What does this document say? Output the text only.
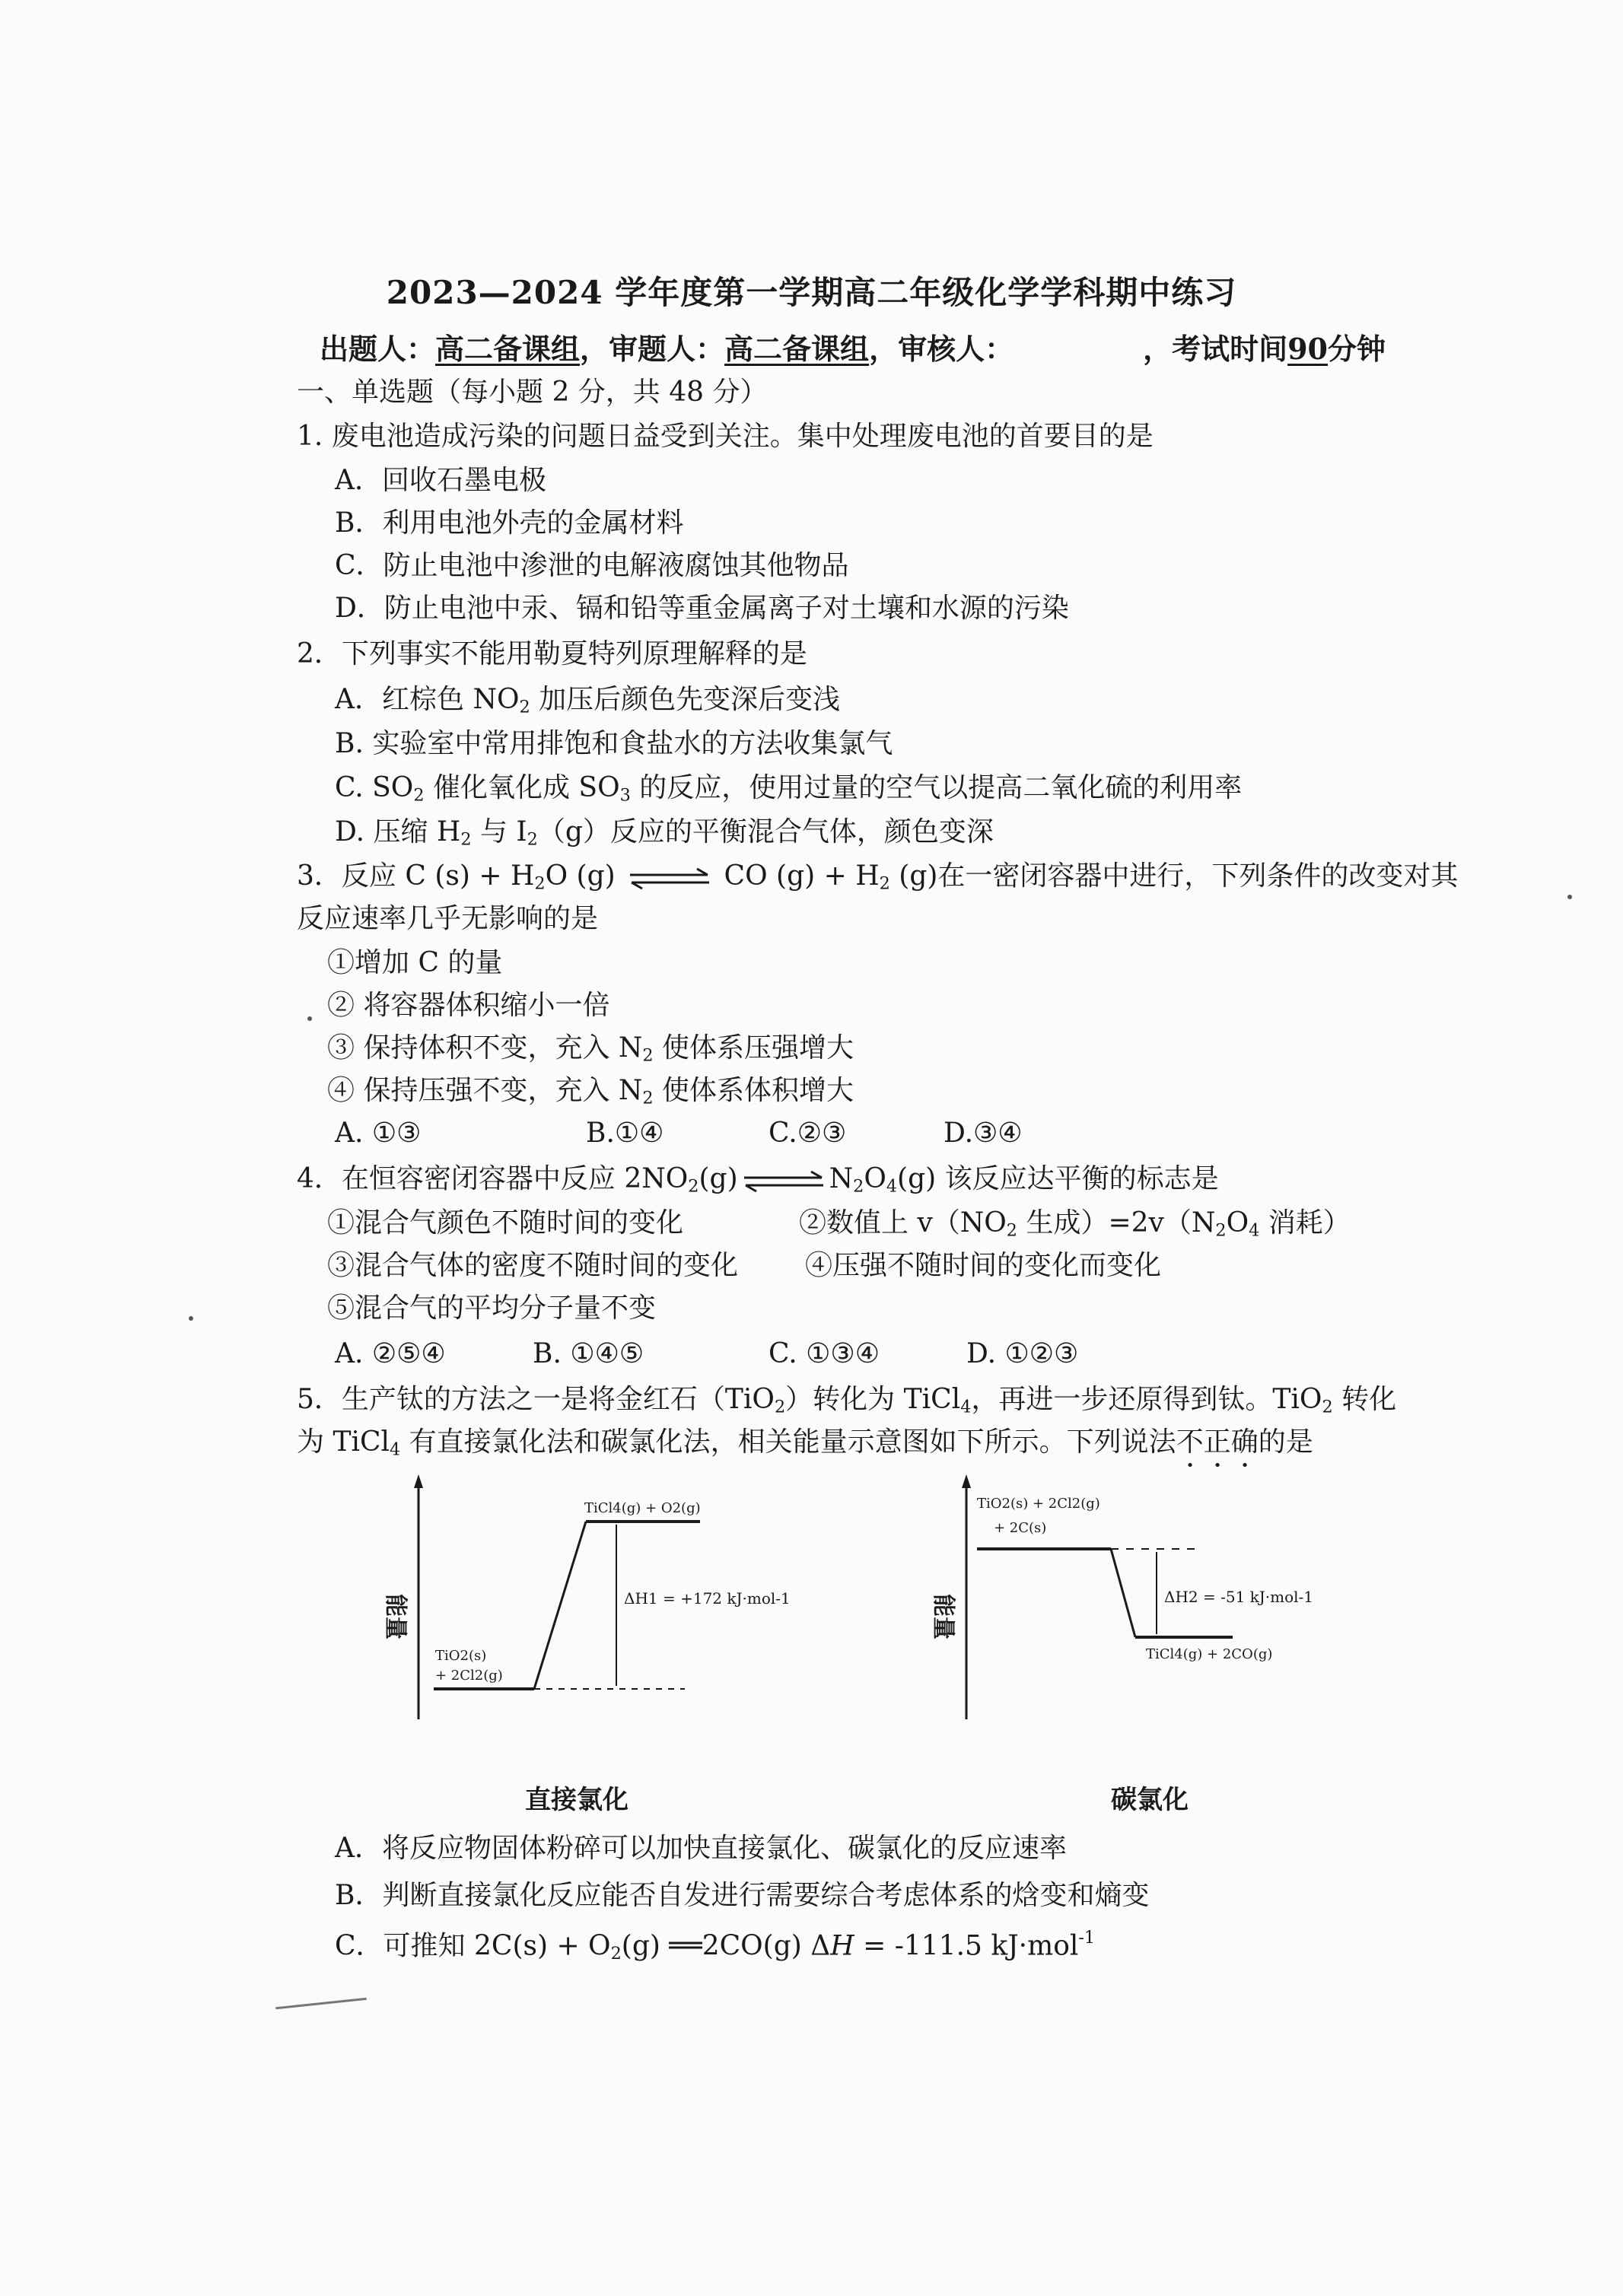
2023—2024 学年度第一学期高二年级化学学科期中练习
出题人：高二备课组，审题人：高二备课组，审核人：	，考试时间90分钟
一、单选题（每小题 2 分，共 48 分）
1. 废电池造成污染的问题日益受到关注。集中处理废电池的首要目的是
A．回收石墨电极
B．利用电池外壳的金属材料
C．防止电池中渗泄的电解液腐蚀其他物品
D．防止电池中汞、镉和铅等重金属离子对土壤和水源的污染
2．下列事实不能用勒夏特列原理解释的是
A．红棕色 $NO_2$ 加压后颜色先变深后变浅
B. 实验室中常用排饱和食盐水的方法收集氯气
C. $SO_2$ 催化氧化成 $SO_3$ 的反应，使用过量的空气以提高二氧化硫的利用率
D. 压缩 $H_2$ 与 $I_2(g)$反应的平衡混合气体，颜色变深
3．反应 C $(s) + H_2O$ (g) ⇌ CO $(g) + H_2$ (g)在一密闭容器中进行，下列条件的改变对其
反应速率几乎无影响的是
①增加 C 的量
② 将容器体积缩小一倍
③ 保持体积不变，充入 $N_2$ 使体系压强增大
④ 保持压强不变，充入 $N_2$ 使体系体积增大
A. ①③	B.①④	C.②③	D.③④
4．在恒容密闭容器中反应 $2NO_2(g)\rightleftharpoons N_2O_4(g)$ 该反应达平衡的标志是
①混合气颜色不随时间的变化	②数值上 $v(NO_2$ 生成）$=2v(N_2O_4$ 消耗）
③混合气体的密度不随时间的变化 ④压强不随时间的变化而变化
⑤混合气的平均分子量不变
A. ②⑤④	B. ①④⑤	C. ①③④	D. ①②③
5．生产钛的方法之一是将金红石（TiO$_2$）转化为 TiCl$_4$，再进一步还原得到钛。TiO$_2$ 转化
为 TiCl$_4$ 有直接氯化法和碳氯化法，相关能量示意图如下所示。下列说法不正确的是
能量
TiCl4(g) + O2(g)
TiO2(s)
+ 2Cl2(g)
ΔH1 = +172 kJ·mol-1
直接氯化
能量
TiO2(s) + 2Cl2(g)
+ 2C(s)
ΔH2 = -51 kJ·mol-1
TiCl4(g) + 2CO(g)
碳氯化
A．将反应物固体粉碎可以加快直接氯化、碳氯化的反应速率
B．判断直接氯化反应能否自发进行需要综合考虑体系的焓变和熵变
C．可推知 $2C(s) + O_2(g)$ ══2CO(g) ΔH = -111.5 kJ·mol$^{-1}$
